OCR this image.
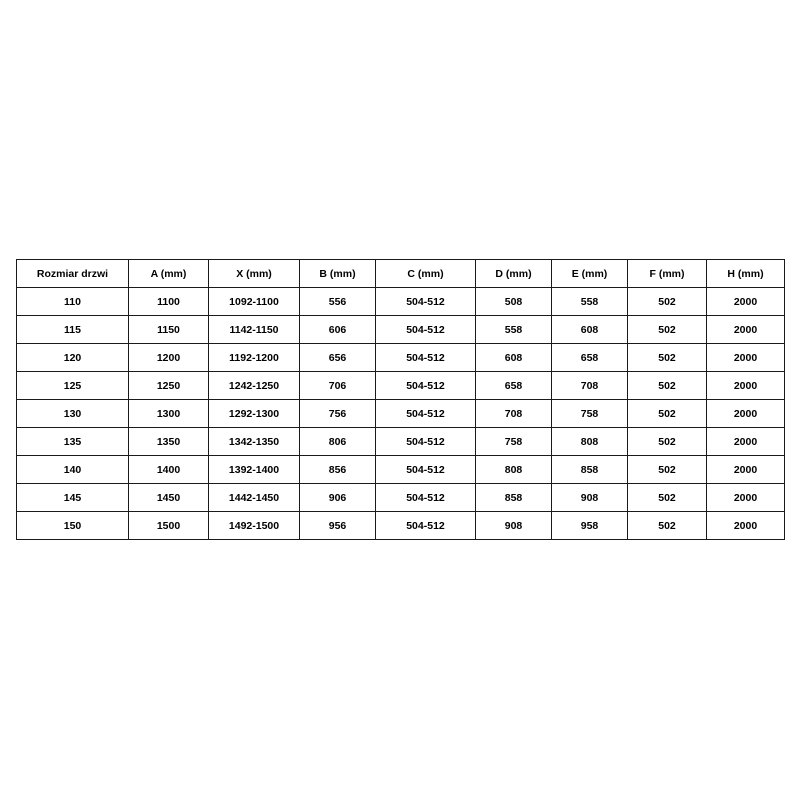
Rozmiar drzwi	A (mm)	X (mm)	B (mm)	C (mm)	D (mm)	E (mm)	F (mm)	H (mm)
110	1100	1092-1100	556	504-512	508	558	502	2000
115	1150	1142-1150	606	504-512	558	608	502	2000
120	1200	1192-1200	656	504-512	608	658	502	2000
125	1250	1242-1250	706	504-512	658	708	502	2000
130	1300	1292-1300	756	504-512	708	758	502	2000
135	1350	1342-1350	806	504-512	758	808	502	2000
140	1400	1392-1400	856	504-512	808	858	502	2000
145	1450	1442-1450	906	504-512	858	908	502	2000
150	1500	1492-1500	956	504-512	908	958	502	2000
